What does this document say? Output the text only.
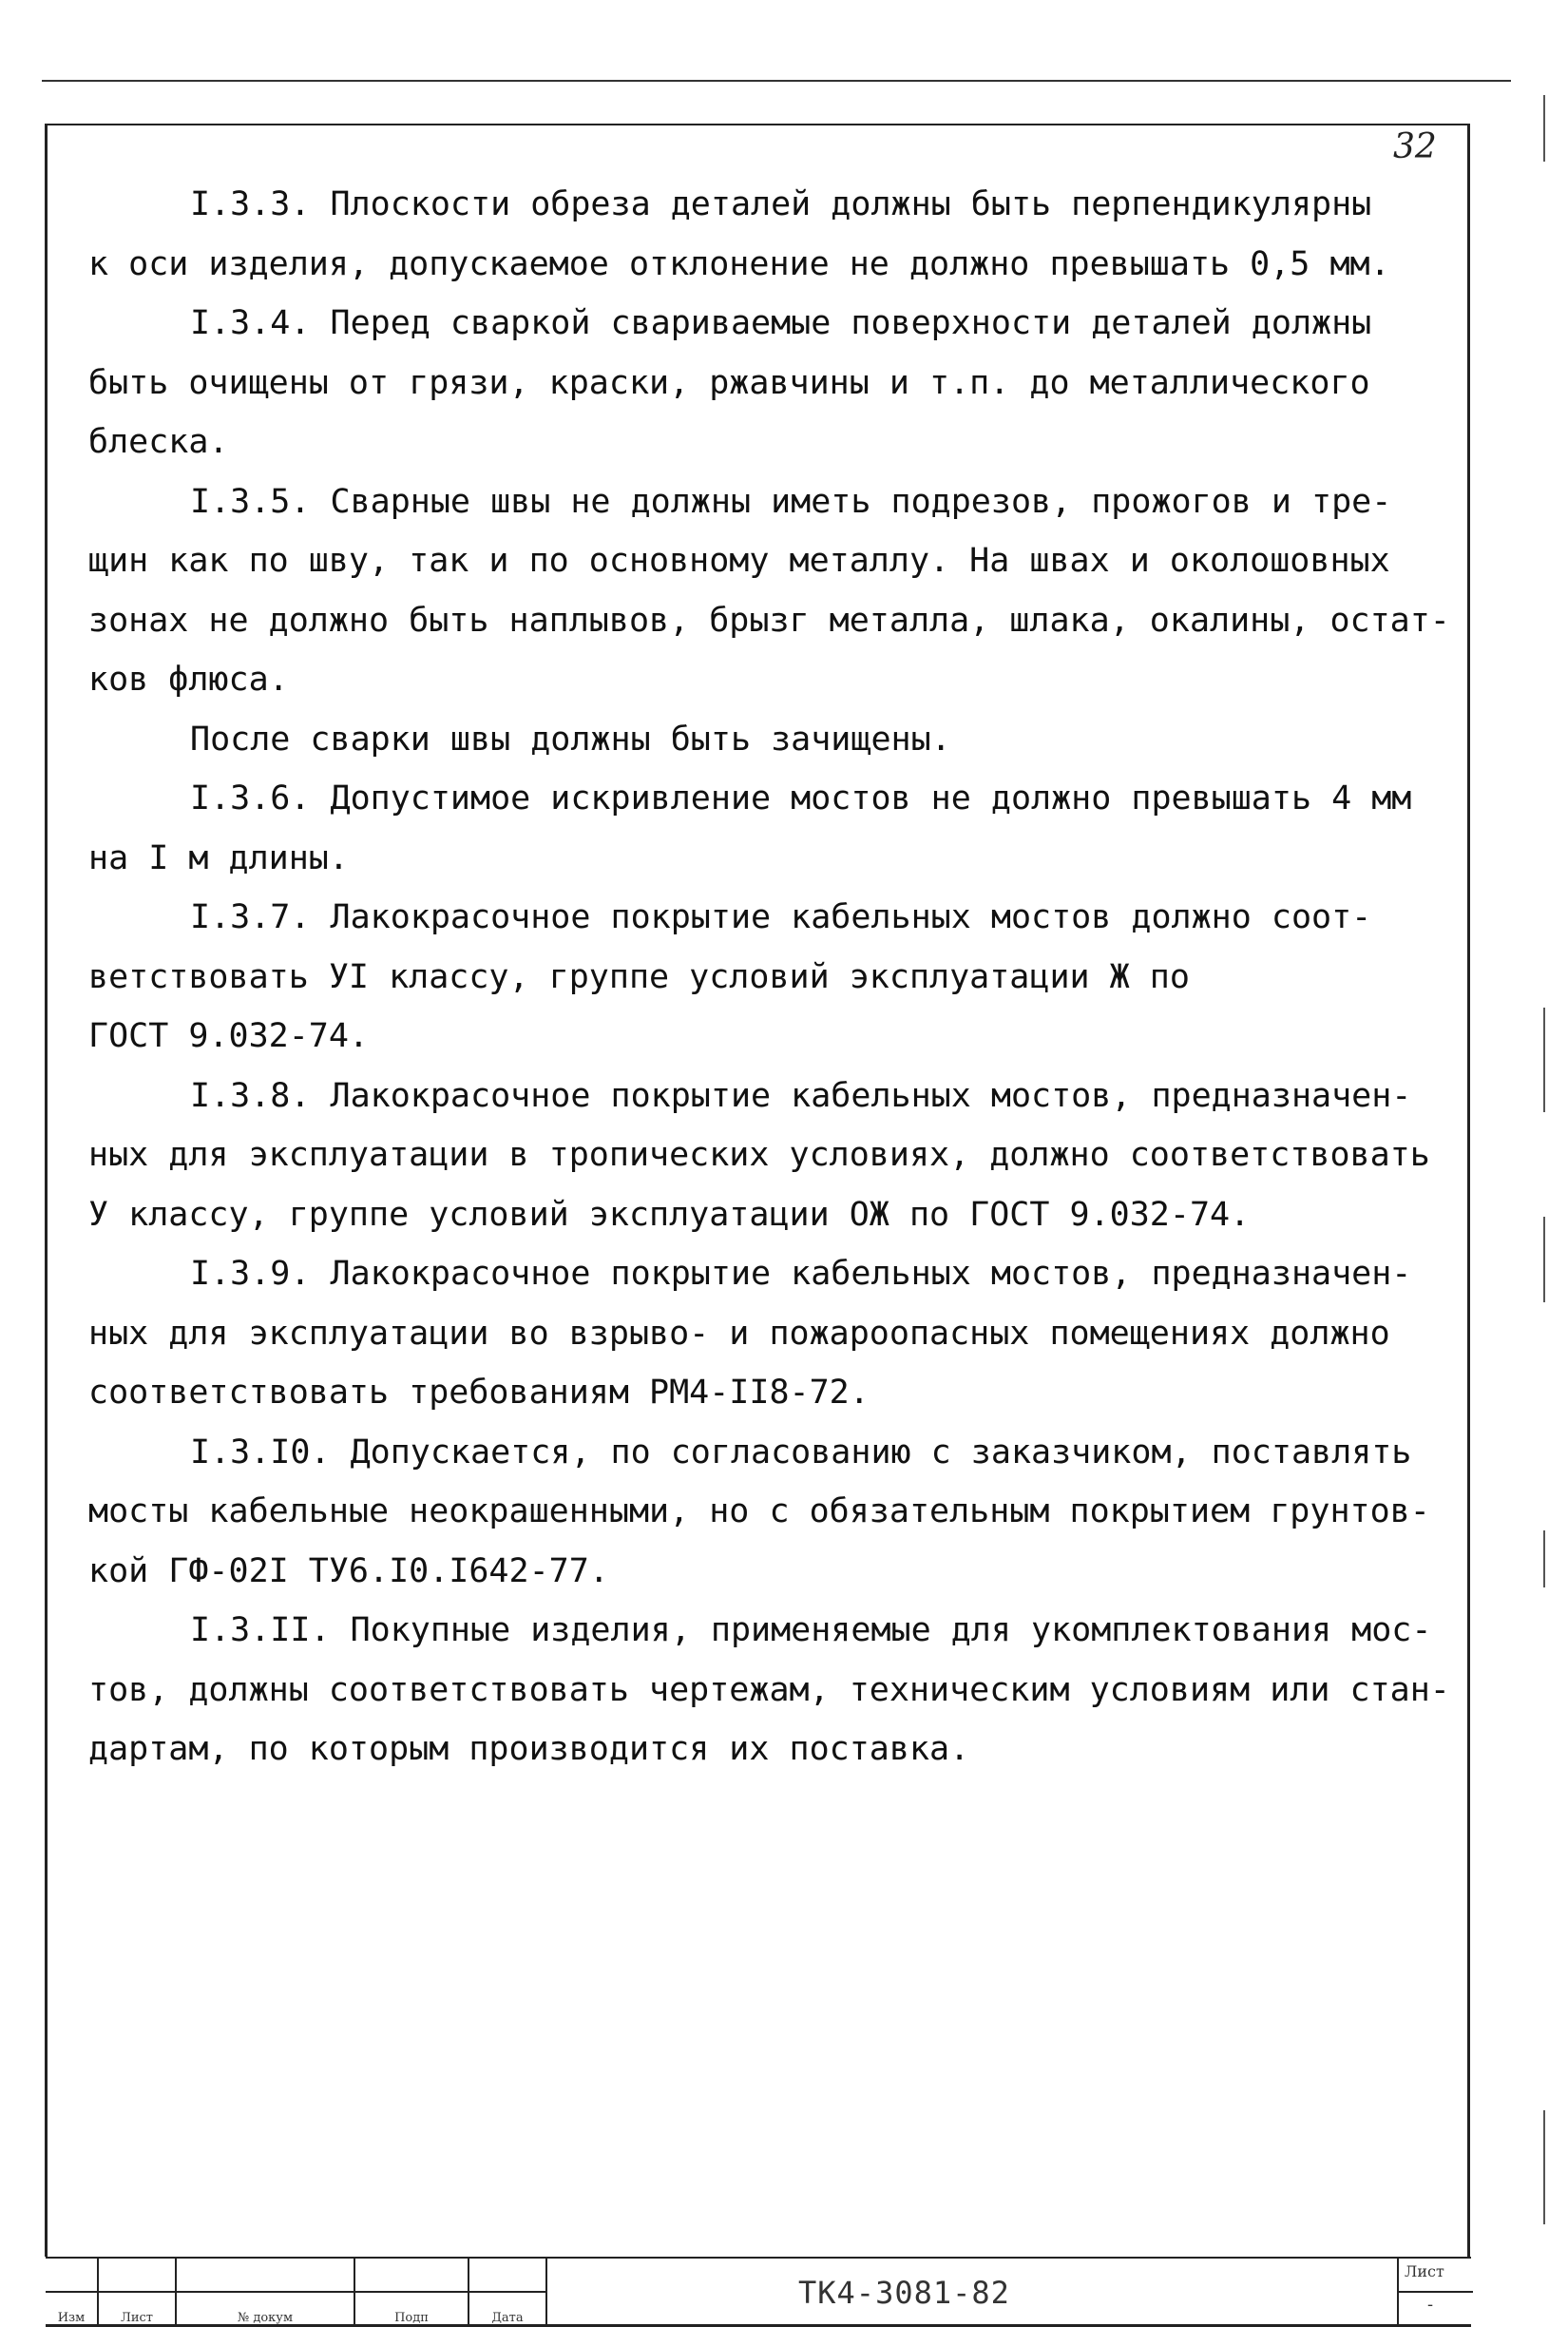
32

I.3.3. Плоскости обреза деталей должны быть перпендикулярны

к оси изделия, допускаемое отклонение не должно превышать 0,5 мм.

I.3.4. Перед сваркой свариваемые поверхности деталей должны

быть очищены от грязи, краски, ржавчины и т.п. до металлического

блеска.

I.3.5. Сварные швы не должны иметь подрезов, прожогов и тре-

щин как по шву, так и по основному металлу. На швах и околошовных

зонах не должно быть наплывов, брызг металла, шлака, окалины, остат-

ков флюса.

После сварки швы должны быть зачищены.

I.3.6. Допустимое искривление мостов не должно превышать 4 мм

на I м длины.

I.3.7. Лакокрасочное покрытие кабельных мостов должно соот-

ветствовать УI классу, группе условий эксплуатации Ж по

ГОСТ 9.032-74.

I.3.8. Лакокрасочное покрытие кабельных мостов, предназначен-

ных для эксплуатации в тропических условиях, должно соответствовать

У классу, группе условий эксплуатации ОЖ по ГОСТ 9.032-74.

I.3.9. Лакокрасочное покрытие кабельных мостов, предназначен-

ных для эксплуатации во взрыво- и пожароопасных помещениях должно

соответствовать требованиям РМ4-II8-72.

I.3.I0. Допускается, по согласованию с заказчиком, поставлять

мосты кабельные неокрашенными, но с обязательным покрытием грунтов-

кой ГФ-02I ТУ6.I0.I642-77.

I.3.II. Покупные изделия, применяемые для укомплектования мос-

тов, должны соответствовать чертежам, техническим условиям или стан-

дартам, по которым производится их поставка.

Изм	Лист	№ докум	Подп	Дата
ТК4-3081-82
Лист
-
